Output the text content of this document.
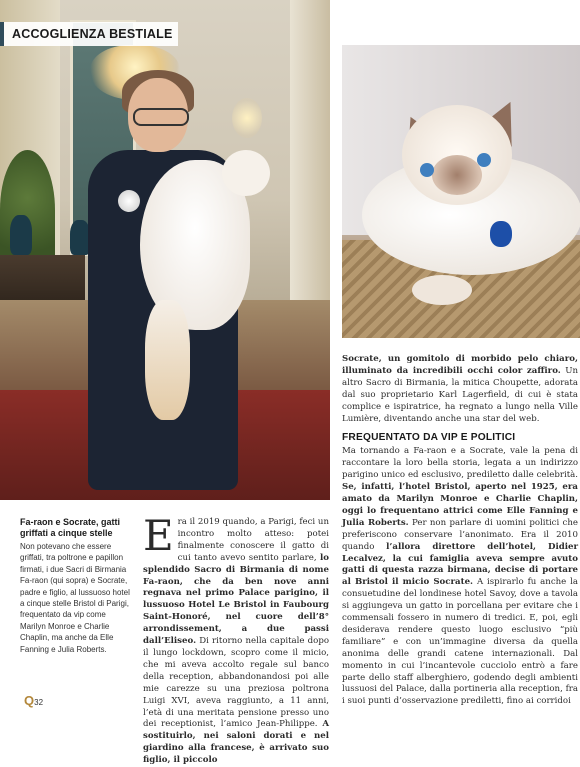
ACCOGLIENZA BESTIALE

Fa-raon e Socrate, gatti griffati a cinque stelle

Non potevano che essere griffati, tra poltrone e papillon firmati, i due Sacri di Birmania Fa-raon (qui sopra) e Socrate, padre e figlio, al lussuoso hotel a cinque stelle Bristol di Parigi, frequentato da vip come Marilyn Monroe e Charlie Chaplin, ma anche da Elle Fanning e Julia Roberts.

Era il 2019 quando, a Parigi, feci un incontro molto atteso: potei finalmente conoscere il gatto di cui tanto avevo sentito parlare, lo splendido Sacro di Birmania di nome Fa-raon, che da ben nove anni regnava nel primo Palace parigino, il lussuoso Hotel Le Bristol in Faubourg Saint-Honoré, nel cuore dell’8° arrondissement, a due passi dall’Eliseo. Di ritorno nella capitale dopo il lungo lockdown, scopro come il micio, che mi aveva accolto regale sul banco della reception, abbandonandosi poi alle mie carezze su una preziosa poltrona Luigi XVI, aveva raggiunto, a 11 anni, l’età di una meritata pensione presso uno dei receptionist, l’amico Jean-Philippe. A sostituirlo, nei saloni dorati e nel giardino alla francese, è arrivato suo figlio, il piccolo

Socrate, un gomitolo di morbido pelo chiaro, illuminato da incredibili occhi color zaffiro. Un altro Sacro di Birmania, la mitica Choupette, adorata dal suo proprietario Karl Lagerfield, di cui è stata complice e ispiratrice, ha regnato a lungo nella Ville Lumière, diventando anche una star del web.

FREQUENTATO DA VIP E POLITICI

Ma tornando a Fa-raon e a Socrate, vale la pena di raccontare la loro bella storia, legata a un indirizzo parigino unico ed esclusivo, prediletto dalle celebrità. Se, infatti, l’hotel Bristol, aperto nel 1925, era amato da Marilyn Monroe e Charlie Chaplin, oggi lo frequentano attrici come Elle Fanning e Julia Roberts. Per non parlare di uomini politici che preferiscono conservare l’anonimato. Era il 2010 quando l’allora direttore dell’hotel, Didier Lecalvez, la cui famiglia aveva sempre avuto gatti di questa razza birmana, decise di portare al Bristol il micio Socrate. A ispirarlo fu anche la consuetudine del londinese hotel Savoy, dove a tavola si aggiungeva un gatto in porcellana per evitare che i commensali fossero in numero di tredici. E, poi, egli desiderava rendere questo luogo esclusivo “più familiare” e con un’immagine diversa da quella anonima delle grandi catene internazionali. Dal momento in cui l’incantevole cucciolo entrò a fare parte dello staff alberghiero, godendo degli ambienti lussuosi del Palace, dalla portineria alla reception, fra i suoi punti d’osservazione prediletti, fino ai corridoi

Q32
